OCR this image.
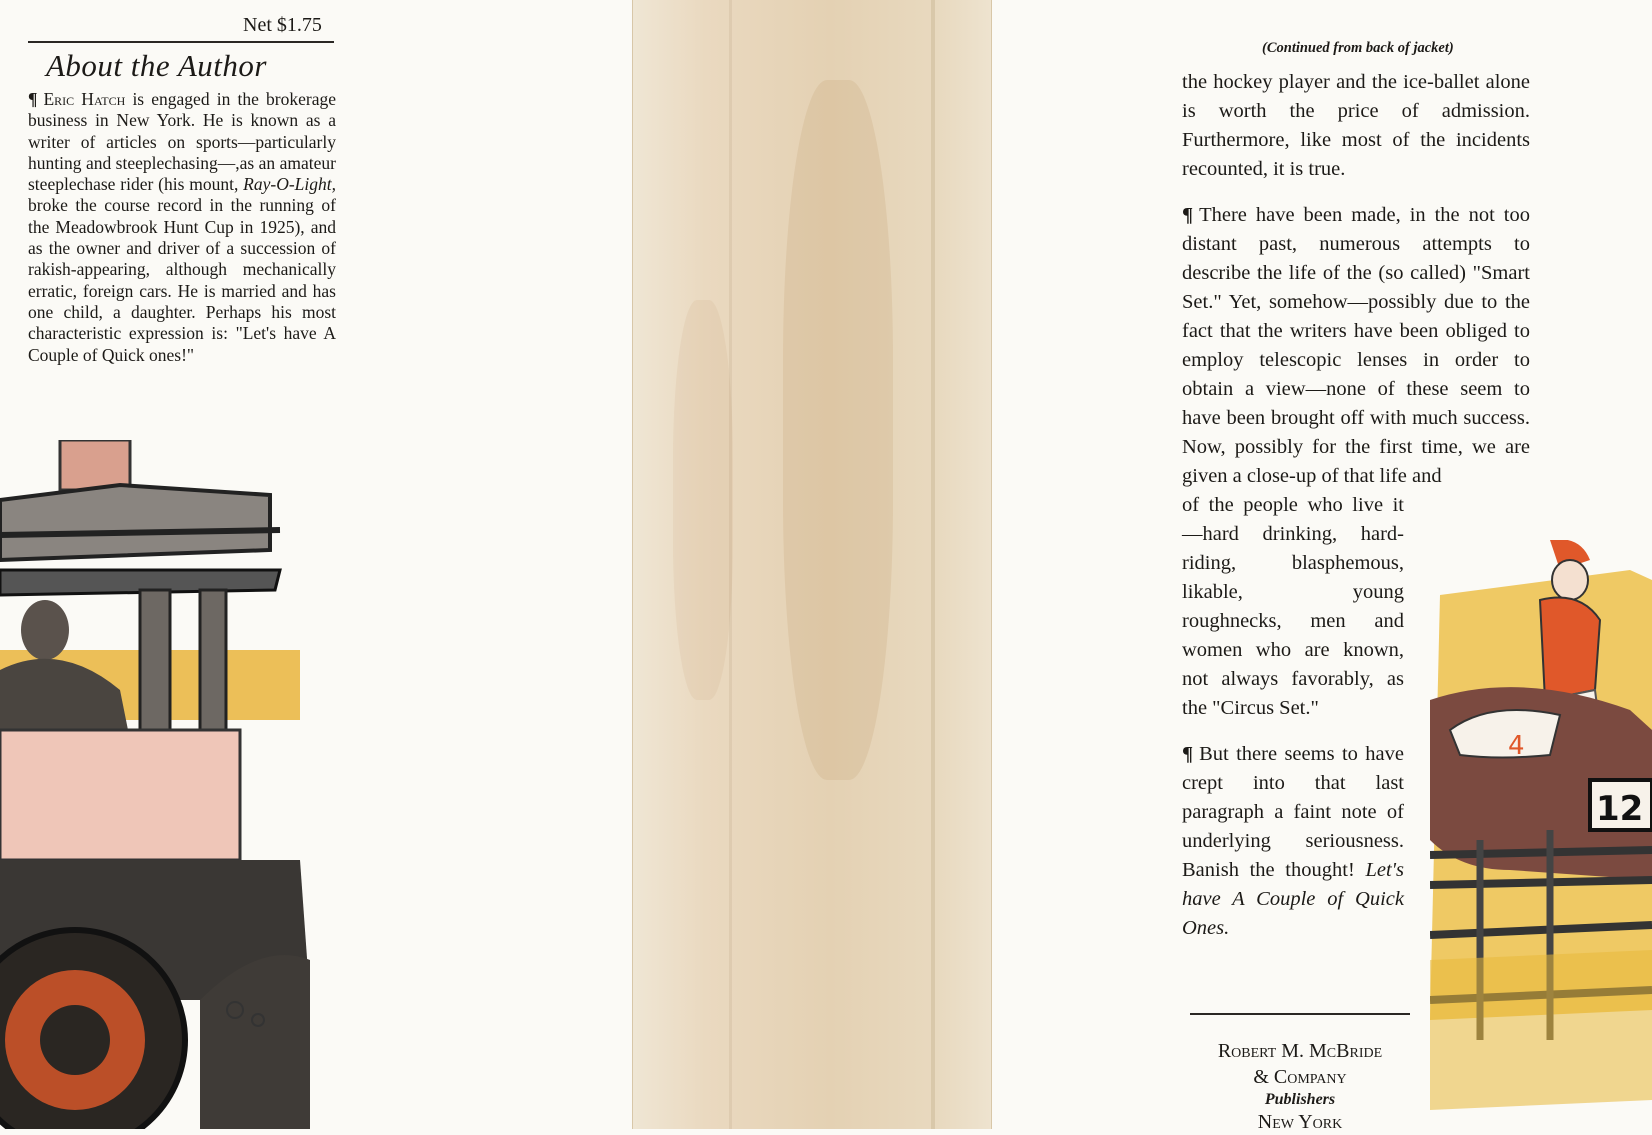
Net $1.75
About the Author
¶ Eric Hatch is engaged in the brokerage business in New York. He is known as a writer of articles on sports—particularly hunting and steeplechasing—,as an amateur steeplechase rider (his mount, Ray-O-Light, broke the course record in the running of the Meadowbrook Hunt Cup in 1925), and as the owner and driver of a succession of rakish-appearing, although mechanically erratic, foreign cars. He is married and has one child, a daughter. Perhaps his most characteristic expression is: "Let's have A Couple of Quick ones!"
(Continued from back of jacket)

the hockey player and the ice-ballet alone is worth the price of admission. Furthermore, like most of the incidents recounted, it is true.

¶ There have been made, in the not too distant past, numerous attempts to describe the life of the (so called) "Smart Set." Yet, somehow—possibly due to the fact that the writers have been obliged to employ telescopic lenses in order to obtain a view—none of these seem to have been brought off with much success. Now, possibly for the first time, we are given a close-up of that life and

of the people who live it —hard drinking, hard-riding, blasphemous, likable, young roughnecks, men and women who are known, not always favorably, as the "Circus Set."

¶ But there seems to have crept into that last paragraph a faint note of underlying seriousness. Banish the thought! Let's have A Couple of Quick Ones.

Robert M. McBride
& Company
Publishers
New York
4
12
